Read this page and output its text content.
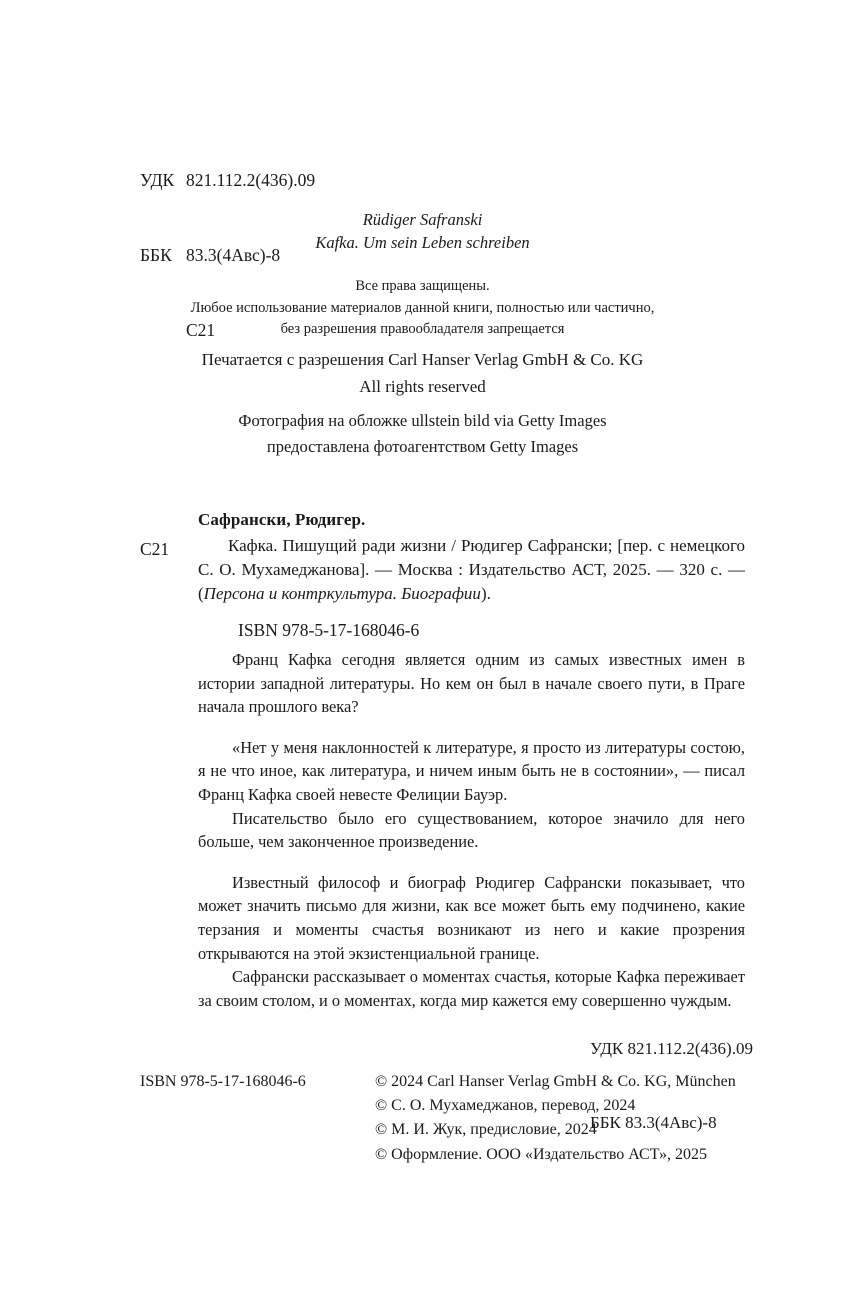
УДК 821.112.2(436).09

ББК 83.3(4Авс)-8

С21

Rüdiger Safranski
Kafka. Um sein Leben schreiben
Все права защищены.
Любое использование материалов данной книги, полностью или частично,
без разрешения правообладателя запрещается
Печатается с разрешения Carl Hanser Verlag GmbH & Co. KG
All rights reserved
Фотография на обложке ullstein bild via Getty Images
предоставлена фотоагентством Getty Images
С21
Сафрански, Рюдигер.
Кафка. Пишущий ради жизни / Рюдигер Сафрански; [пер. с немецкого С. О. Мухамеджанова]. — Москва : Издательство АСТ, 2025. — 320 с. — (Персона и контркультура. Биографии).
ISBN 978-5-17-168046-6

Франц Кафка сегодня является одним из самых известных имен в истории западной литературы. Но кем он был в начале своего пути, в Праге начала прошлого века?

«Нет у меня наклонностей к литературе, я просто из литературы состою, я не что иное, как литература, и ничем иным быть не в состоянии», — писал Франц Кафка своей невесте Фелиции Бауэр.

Писательство было его существованием, которое значило для него больше, чем законченное произведение.

Известный философ и биограф Рюдигер Сафрански показывает, что может значить письмо для жизни, как все может быть ему подчинено, какие терзания и моменты счастья возникают из него и какие прозрения открываются на этой экзистенциальной границе.

Сафрански рассказывает о моментах счастья, которые Кафка переживает за своим столом, и о моментах, когда мир кажется ему совершенно чуждым.

УДК 821.112.2(436).09

ББК 83.3(4Авс)-8

ISBN 978-5-17-168046-6	© 2024 Carl Hanser Verlag GmbH & Co. KG, München
© С. О. Мухамеджанов, перевод, 2024
© М. И. Жук, предисловие, 2024
© Оформление. ООО «Издательство АСТ», 2025
